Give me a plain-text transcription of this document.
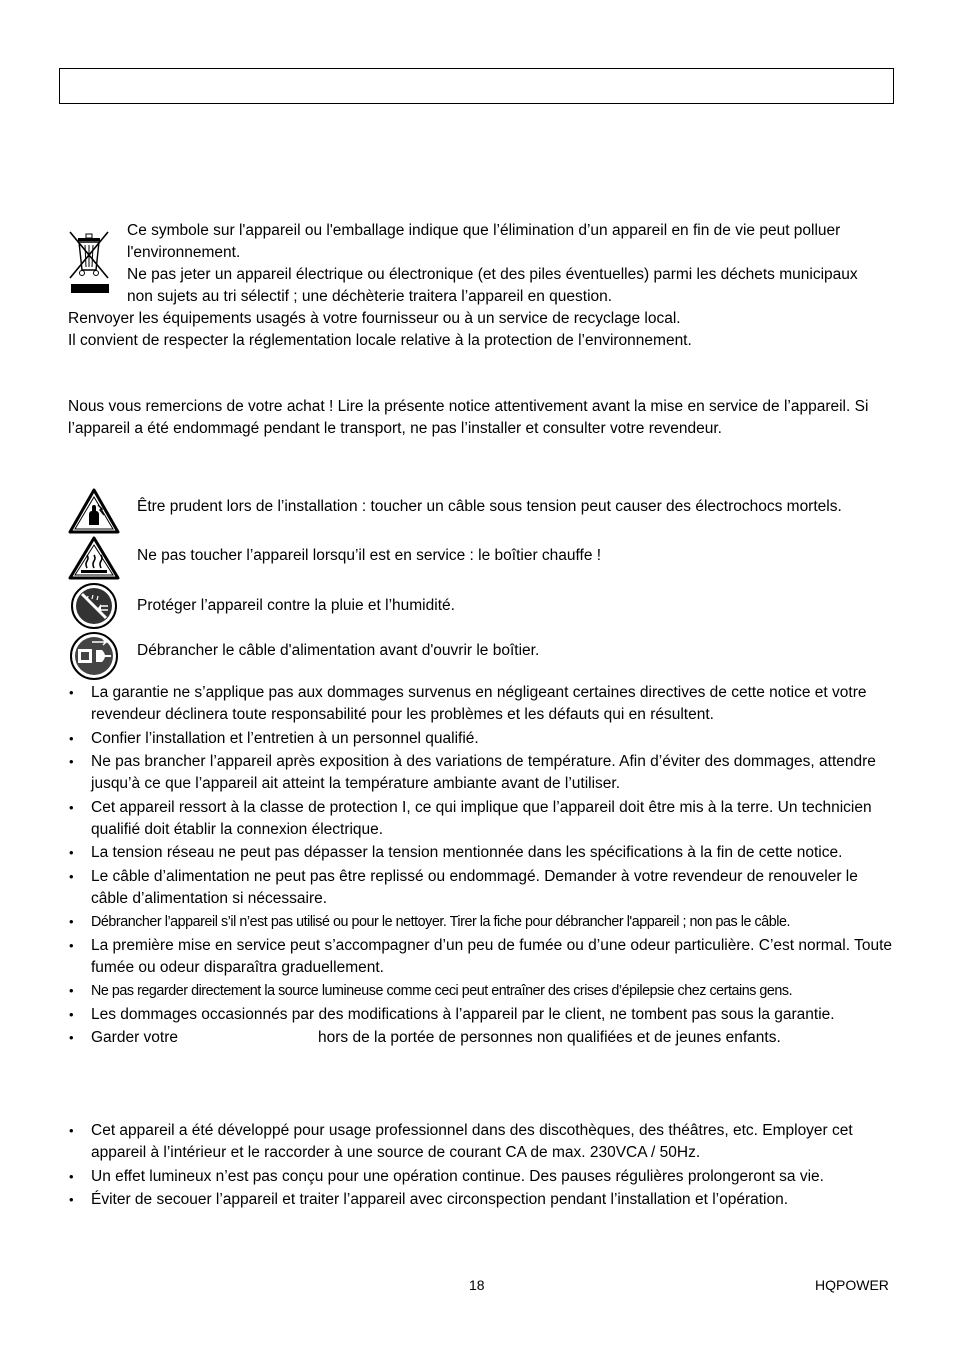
Ce symbole sur l'appareil ou l'emballage indique que l’élimination d’un appareil en fin de vie peut polluer
l'environnement.
Ne pas jeter un appareil électrique ou électronique (et des piles éventuelles) parmi les déchets municipaux
non sujets au tri sélectif ; une déchèterie traitera l’appareil en question.
Renvoyer les équipements usagés à votre fournisseur ou à un service de recyclage local.
Il convient de respecter la réglementation locale relative à la protection de l’environnement.
Nous vous remercions de votre achat ! Lire la présente notice attentivement avant la mise en service de l’appareil. Si l’appareil a été endommagé pendant le transport, ne pas l’installer et consulter votre revendeur.
Être prudent lors de l’installation : toucher un câble sous tension peut causer des électrochocs mortels.
Ne pas toucher l’appareil lorsqu’il est en service : le boîtier chauffe !
Protéger l’appareil contre la pluie et l’humidité.
Débrancher le câble d'alimentation avant d'ouvrir le boîtier.
• La garantie ne s’applique pas aux dommages survenus en négligeant certaines directives de cette notice et votre revendeur déclinera toute responsabilité pour les problèmes et les défauts qui en résultent.
• Confier l’installation et l’entretien à un personnel qualifié.
• Ne pas brancher l’appareil après exposition à des variations de température. Afin d’éviter des dommages, attendre jusqu’à ce que l’appareil ait atteint la température ambiante avant de l’utiliser.
• Cet appareil ressort à la classe de protection I, ce qui implique que l’appareil doit être mis à la terre. Un technicien qualifié doit établir la connexion électrique.
• La tension réseau ne peut pas dépasser la tension mentionnée dans les spécifications à la fin de cette notice.
• Le câble d’alimentation ne peut pas être replissé ou endommagé. Demander à votre revendeur de renouveler le câble d’alimentation si nécessaire.
• Débrancher l’appareil s’il n’est pas utilisé ou pour le nettoyer. Tirer la fiche pour débrancher l'appareil ; non pas le câble.
• La première mise en service peut s’accompagner d’un peu de fumée ou d’une odeur particulière. C’est normal. Toute fumée ou odeur disparaîtra graduellement.
• Ne pas regarder directement la source lumineuse comme ceci peut entraîner des crises d’épilepsie chez certains gens.
• Les dommages occasionnés par des modifications à l’appareil par le client, ne tombent pas sous la garantie.
• Garder votre	hors de la portée de personnes non qualifiées et de jeunes enfants.
• Cet appareil a été développé pour usage professionnel dans des discothèques, des théâtres, etc. Employer cet appareil à l’intérieur et le raccorder à une source de courant CA de max. 230VCA / 50Hz.
• Un effet lumineux n’est pas conçu pour une opération continue. Des pauses régulières prolongeront sa vie.
• Éviter de secouer l’appareil et traiter l’appareil avec circonspection pendant l’installation et l’opération.
18	HQPOWER
